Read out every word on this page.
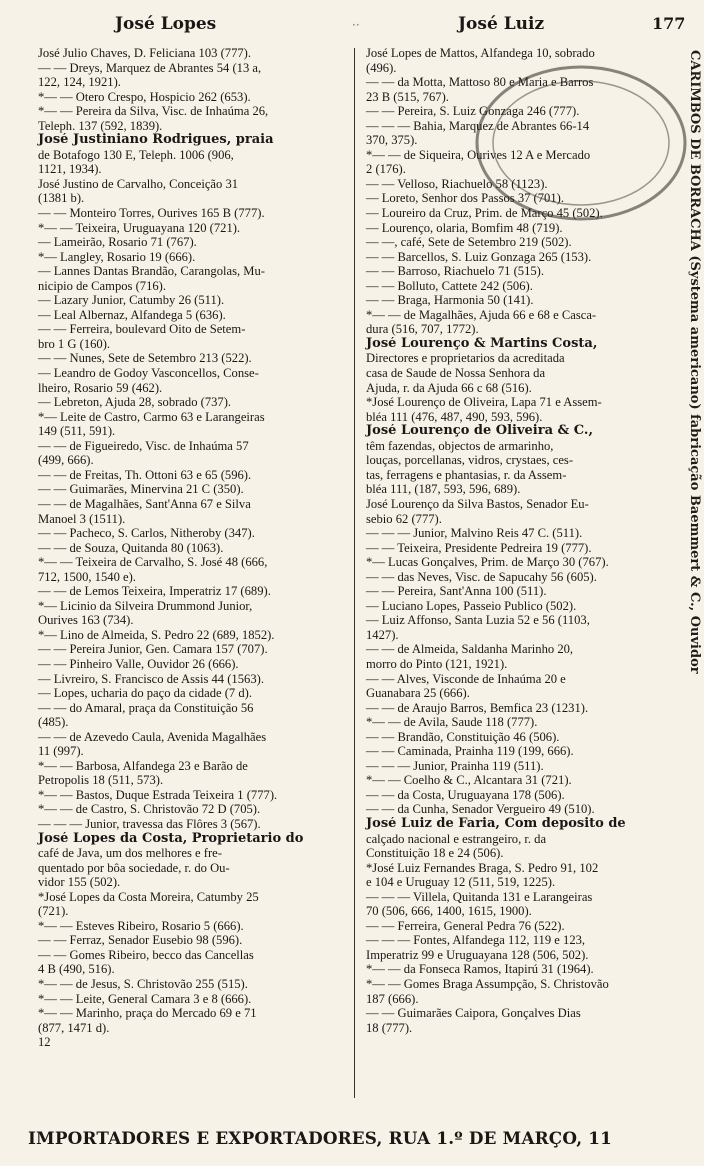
José Lopes	··	José Luiz	177
José Julio Chaves, D. Feliciana 103 (777).
— — Dreys, Marquez de Abrantes 54 (13 a,
122, 124, 1921).
*— — Otero Crespo, Hospicio 262 (653).
*— — Pereira da Silva, Visc. de Inhaúma 26,
Teleph. 137 (592, 1839).
José Justiniano Rodrigues, praia
de Botafogo 130 E, Teleph. 1006 (906,
1121, 1934).
José Justino de Carvalho, Conceição 31
(1381 b).
— — Monteiro Torres, Ourives 165 B (777).
*— — Teixeira, Uruguayana 120 (721).
— Lameirão, Rosario 71 (767).
*— Langley, Rosario 19 (666).
— Lannes Dantas Brandão, Carangolas, Mu-
nicipio de Campos (716).
— Lazary Junior, Catumby 26 (511).
— Leal Albernaz, Alfandega 5 (636).
— — Ferreira, boulevard Oito de Setem-
bro 1 G (160).
— — Nunes, Sete de Setembro 213 (522).
— Leandro de Godoy Vasconcellos, Conse-
lheiro, Rosario 59 (462).
— Lebreton, Ajuda 28, sobrado (737).
*— Leite de Castro, Carmo 63 e Larangeiras
149 (511, 591).
— — de Figueiredo, Visc. de Inhaúma 57
(499, 666).
— — de Freitas, Th. Ottoni 63 e 65 (596).
— — Guimarães, Minervina 21 C (350).
— — de Magalhães, Sant'Anna 67 e Silva
Manoel 3 (1511).
— — Pacheco, S. Carlos, Nitheroby (347).
— — de Souza, Quitanda 80 (1063).
*— — Teixeira de Carvalho, S. José 48 (666,
712, 1500, 1540 e).
— — de Lemos Teixeira, Imperatriz 17 (689).
*— Licinio da Silveira Drummond Junior,
Ourives 163 (734).
*— Lino de Almeida, S. Pedro 22 (689, 1852).
— — Pereira Junior, Gen. Camara 157 (707).
— — Pinheiro Valle, Ouvidor 26 (666).
— Livreiro, S. Francisco de Assis 44 (1563).
— Lopes, ucharia do paço da cidade (7 d).
— — do Amaral, praça da Constituição 56
(485).
— — de Azevedo Caula, Avenida Magalhães
11 (997).
*— — Barbosa, Alfandega 23 e Barão de
Petropolis 18 (511, 573).
*— — Bastos, Duque Estrada Teixeira 1 (777).
*— — de Castro, S. Christovão 72 D (705).
— — — Junior, travessa das Flôres 3 (567).
José Lopes da Costa, Proprietario do
café de Java, um dos melhores e fre-
quentado por bôa sociedade, r. do Ou-
vidor 155 (502).
*José Lopes da Costa Moreira, Catumby 25
(721).
*— — Esteves Ribeiro, Rosario 5 (666).
— — Ferraz, Senador Eusebio 98 (596).
— — Gomes Ribeiro, becco das Cancellas
4 B (490, 516).
*— — de Jesus, S. Christovão 255 (515).
*— — Leite, General Camara 3 e 8 (666).
*— — Marinho, praça do Mercado 69 e 71
(877, 1471 d).
12
José Lopes de Mattos, Alfandega 10, sobrado
(496).
— — da Motta, Mattoso 80 e Maria e Barros
23 B (515, 767).
— — Pereira, S. Luiz Gonzaga 246 (777).
— — — Bahia, Marquez de Abrantes 66-14
370, 375).
*— — de Siqueira, Ourives 12 A e Mercado
2 (176).
— — Velloso, Riachuelo 58 (1123).
— Loreto, Senhor dos Passos 37 (701).
— Loureiro da Cruz, Prim. de Março 45 (502).
— Lourenço, olaria, Bomfim 48 (719).
— —, café, Sete de Setembro 219 (502).
— — Barcellos, S. Luiz Gonzaga 265 (153).
— — Barroso, Riachuelo 71 (515).
— — Bolluto, Cattete 242 (506).
— — Braga, Harmonia 50 (141).
*— — de Magalhães, Ajuda 66 e 68 e Casca-
dura (516, 707, 1772).
José Lourenço & Martins Costa,
Directores e proprietarios da acreditada
casa de Saude de Nossa Senhora da
Ajuda, r. da Ajuda 66 c 68 (516).
*José Lourenço de Oliveira, Lapa 71 e Assem-
bléa 111 (476, 487, 490, 593, 596).
José Lourenço de Oliveira & C.,
têm fazendas, objectos de armarinho,
louças, porcellanas, vidros, crystaes, ces-
tas, ferragens e phantasias, r. da Assem-
bléa 111, (187, 593, 596, 689).
José Lourenço da Silva Bastos, Senador Eu-
sebio 62 (777).
— — — Junior, Malvino Reis 47 C. (511).
— — Teixeira, Presidente Pedreira 19 (777).
*— Lucas Gonçalves, Prim. de Março 30 (767).
— — das Neves, Visc. de Sapucahy 56 (605).
— — Pereira, Sant'Anna 100 (511).
— Luciano Lopes, Passeio Publico (502).
— Luiz Affonso, Santa Luzia 52 e 56 (1103,
1427).
— — de Almeida, Saldanha Marinho 20,
morro do Pinto (121, 1921).
— — Alves, Visconde de Inhaúma 20 e
Guanabara 25 (666).
— — de Araujo Barros, Bemfica 23 (1231).
*— — de Avila, Saude 118 (777).
— — Brandão, Constituição 46 (506).
— — Caminada, Prainha 119 (199, 666).
— — — Junior, Prainha 119 (511).
*— — Coelho & C., Alcantara 31 (721).
— — da Costa, Uruguayana 178 (506).
— — da Cunha, Senador Vergueiro 49 (510).
José Luiz de Faria, Com deposito de
calçado nacional e estrangeiro, r. da
Constituição 18 e 24 (506).
*José Luiz Fernandes Braga, S. Pedro 91, 102
e 104 e Uruguay 12 (511, 519, 1225).
— — — Villela, Quitanda 131 e Larangeiras
70 (506, 666, 1400, 1615, 1900).
— — Ferreira, General Pedra 76 (522).
— — — Fontes, Alfandega 112, 119 e 123,
Imperatriz 99 e Uruguayana 128 (506, 502).
*— — da Fonseca Ramos, Itapirú 31 (1964).
*— — Gomes Braga Assumpção, S. Christovão
187 (666).
— — Guimarães Caipora, Gonçalves Dias
18 (777).
CARIMBOS DE BORRACHA (Systema americano) fabricação Baemmert & C., Ouvidor
IMPORTADORES E EXPORTADORES, RUA 1.º DE MARÇO, 11
